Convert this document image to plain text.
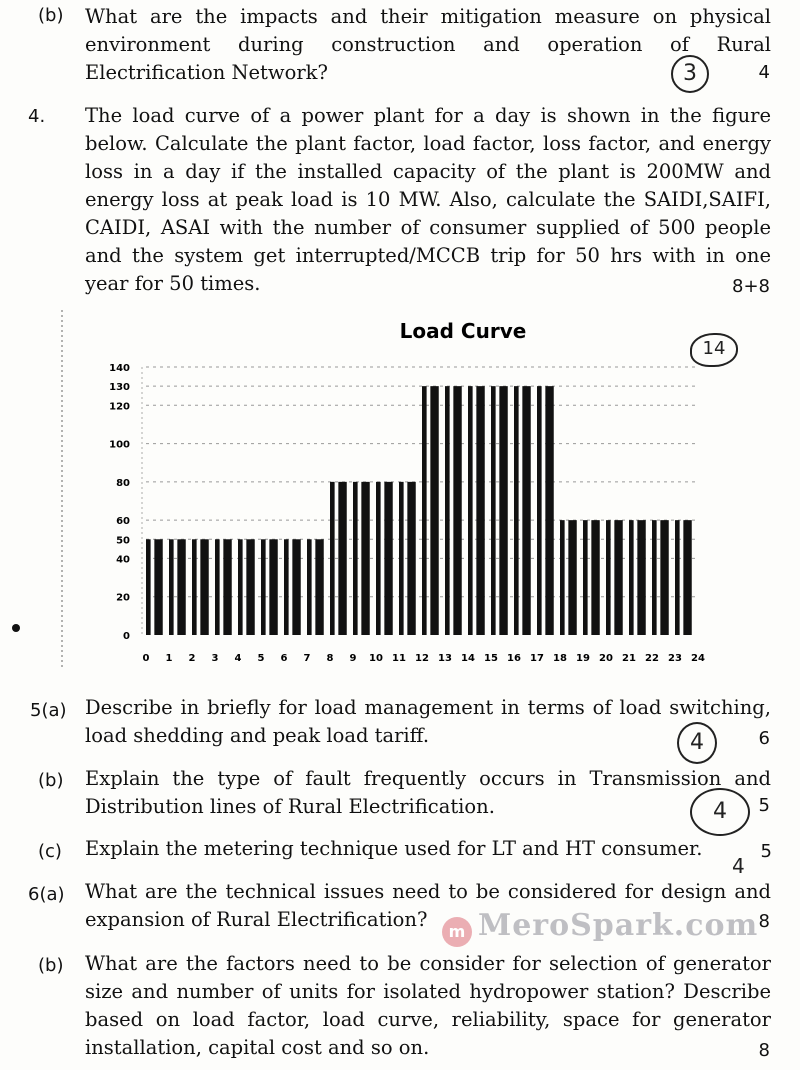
(b) What are the impacts and their mitigation measure on physical environment during construction and operation of Rural Electrification Network?	4
3
4. The load curve of a power plant for a day is shown in the figure below. Calculate the plant factor, load factor, loss factor, and energy loss in a day if the installed capacity of the plant is 200MW and energy loss at peak load is 10 MW. Also, calculate the SAIDI,SAIFI, CAIDI, ASAI with the number of consumer supplied of 500 people and the system get interrupted/MCCB trip for 50 hrs with in one year for 50 times.	8+8
14
Load Curve
0
20
40
50
60
80
100
120
130
140
0 1 2 3 4 5 6 7 8 9 10 11 12 13 14 15 16 17 18 19 20 21 22 23 24
5(a) Describe in briefly for load management in terms of load switching, load shedding and peak load tariff.	6
4
(b) Explain the type of fault frequently occurs in Transmission and Distribution lines of Rural Electrification.	5
4
(c) Explain the metering technique used for LT and HT consumer.	5
4
6(a) What are the technical issues need to be considered for design and expansion of Rural Electrification?	8
m MeroSpark.com
(b) What are the factors need to be consider for selection of generator size and number of units for isolated hydropower station? Describe based on load factor, load curve, reliability, space for generator installation, capital cost and so on.	8
